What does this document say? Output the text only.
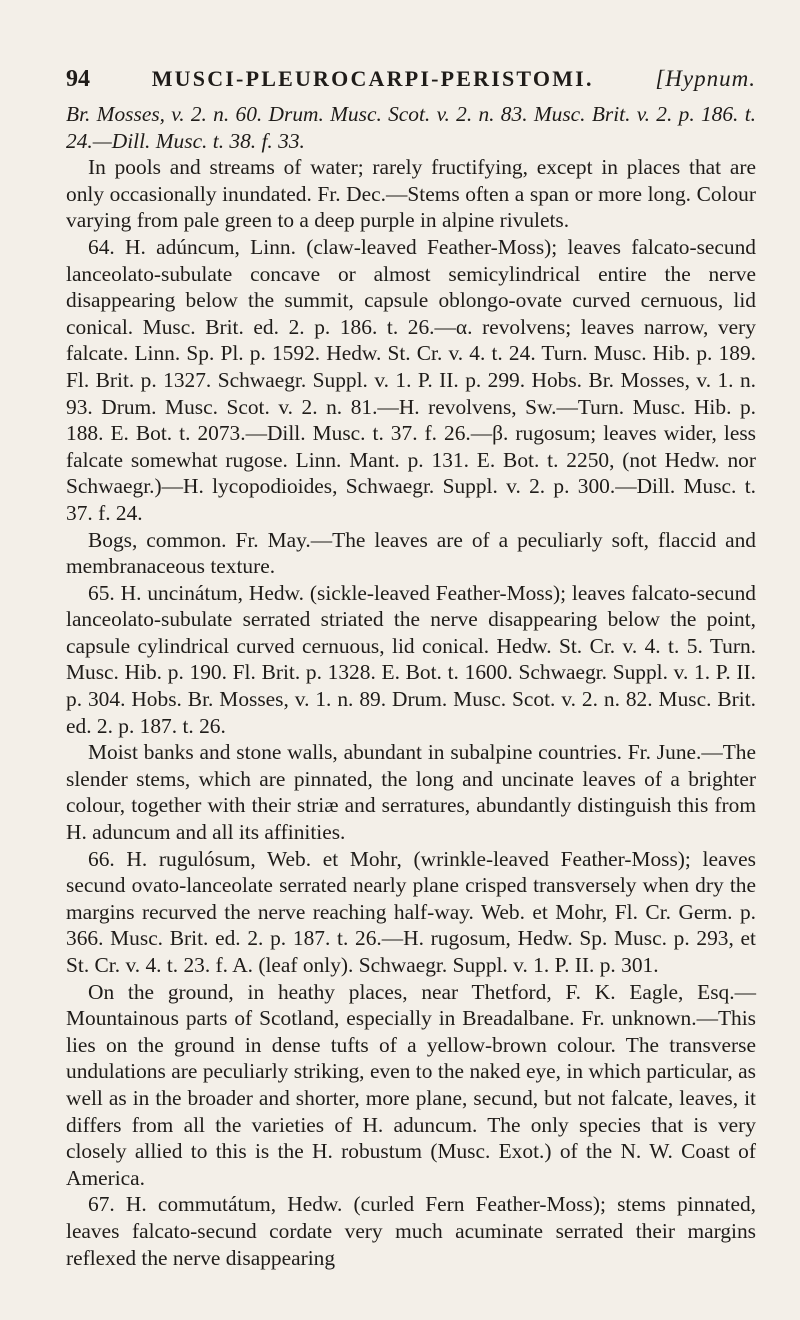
94	MUSCI-PLEUROCARPI-PERISTOMI.	[Hypnum.

Br. Mosses, v. 2. n. 60. Drum. Musc. Scot. v. 2. n. 83. Musc. Brit. v. 2. p. 186. t. 24.—Dill. Musc. t. 38. f. 33.

In pools and streams of water; rarely fructifying, except in places that are only occasionally inundated. Fr. Dec.—Stems often a span or more long. Colour varying from pale green to a deep purple in alpine rivulets.

64. H. adúncum, Linn. (claw-leaved Feather-Moss); leaves falcato-secund lanceolato-subulate concave or almost semicylindrical entire the nerve disappearing below the summit, capsule oblongo-ovate curved cernuous, lid conical. Musc. Brit. ed. 2. p. 186. t. 26.—α. revolvens; leaves narrow, very falcate. Linn. Sp. Pl. p. 1592. Hedw. St. Cr. v. 4. t. 24. Turn. Musc. Hib. p. 189. Fl. Brit. p. 1327. Schwaegr. Suppl. v. 1. P. II. p. 299. Hobs. Br. Mosses, v. 1. n. 93. Drum. Musc. Scot. v. 2. n. 81.—H. revolvens, Sw.—Turn. Musc. Hib. p. 188. E. Bot. t. 2073.—Dill. Musc. t. 37. f. 26.—β. rugosum; leaves wider, less falcate somewhat rugose. Linn. Mant. p. 131. E. Bot. t. 2250, (not Hedw. nor Schwaegr.)—H. lycopodioides, Schwaegr. Suppl. v. 2. p. 300.—Dill. Musc. t. 37. f. 24.

Bogs, common. Fr. May.—The leaves are of a peculiarly soft, flaccid and membranaceous texture.

65. H. uncinátum, Hedw. (sickle-leaved Feather-Moss); leaves falcato-secund lanceolato-subulate serrated striated the nerve disappearing below the point, capsule cylindrical curved cernuous, lid conical. Hedw. St. Cr. v. 4. t. 5. Turn. Musc. Hib. p. 190. Fl. Brit. p. 1328. E. Bot. t. 1600. Schwaegr. Suppl. v. 1. P. II. p. 304. Hobs. Br. Mosses, v. 1. n. 89. Drum. Musc. Scot. v. 2. n. 82. Musc. Brit. ed. 2. p. 187. t. 26.

Moist banks and stone walls, abundant in subalpine countries. Fr. June.—The slender stems, which are pinnated, the long and uncinate leaves of a brighter colour, together with their striæ and serratures, abundantly distinguish this from H. aduncum and all its affinities.

66. H. rugulósum, Web. et Mohr, (wrinkle-leaved Feather-Moss); leaves secund ovato-lanceolate serrated nearly plane crisped transversely when dry the margins recurved the nerve reaching half-way. Web. et Mohr, Fl. Cr. Germ. p. 366. Musc. Brit. ed. 2. p. 187. t. 26.—H. rugosum, Hedw. Sp. Musc. p. 293, et St. Cr. v. 4. t. 23. f. A. (leaf only). Schwaegr. Suppl. v. 1. P. II. p. 301.

On the ground, in heathy places, near Thetford, F. K. Eagle, Esq.—Mountainous parts of Scotland, especially in Breadalbane. Fr. unknown.—This lies on the ground in dense tufts of a yellow-brown colour. The transverse undulations are peculiarly striking, even to the naked eye, in which particular, as well as in the broader and shorter, more plane, secund, but not falcate, leaves, it differs from all the varieties of H. aduncum. The only species that is very closely allied to this is the H. robustum (Musc. Exot.) of the N. W. Coast of America.

67. H. commutátum, Hedw. (curled Fern Feather-Moss); stems pinnated, leaves falcato-secund cordate very much acuminate serrated their margins reflexed the nerve disappearing
